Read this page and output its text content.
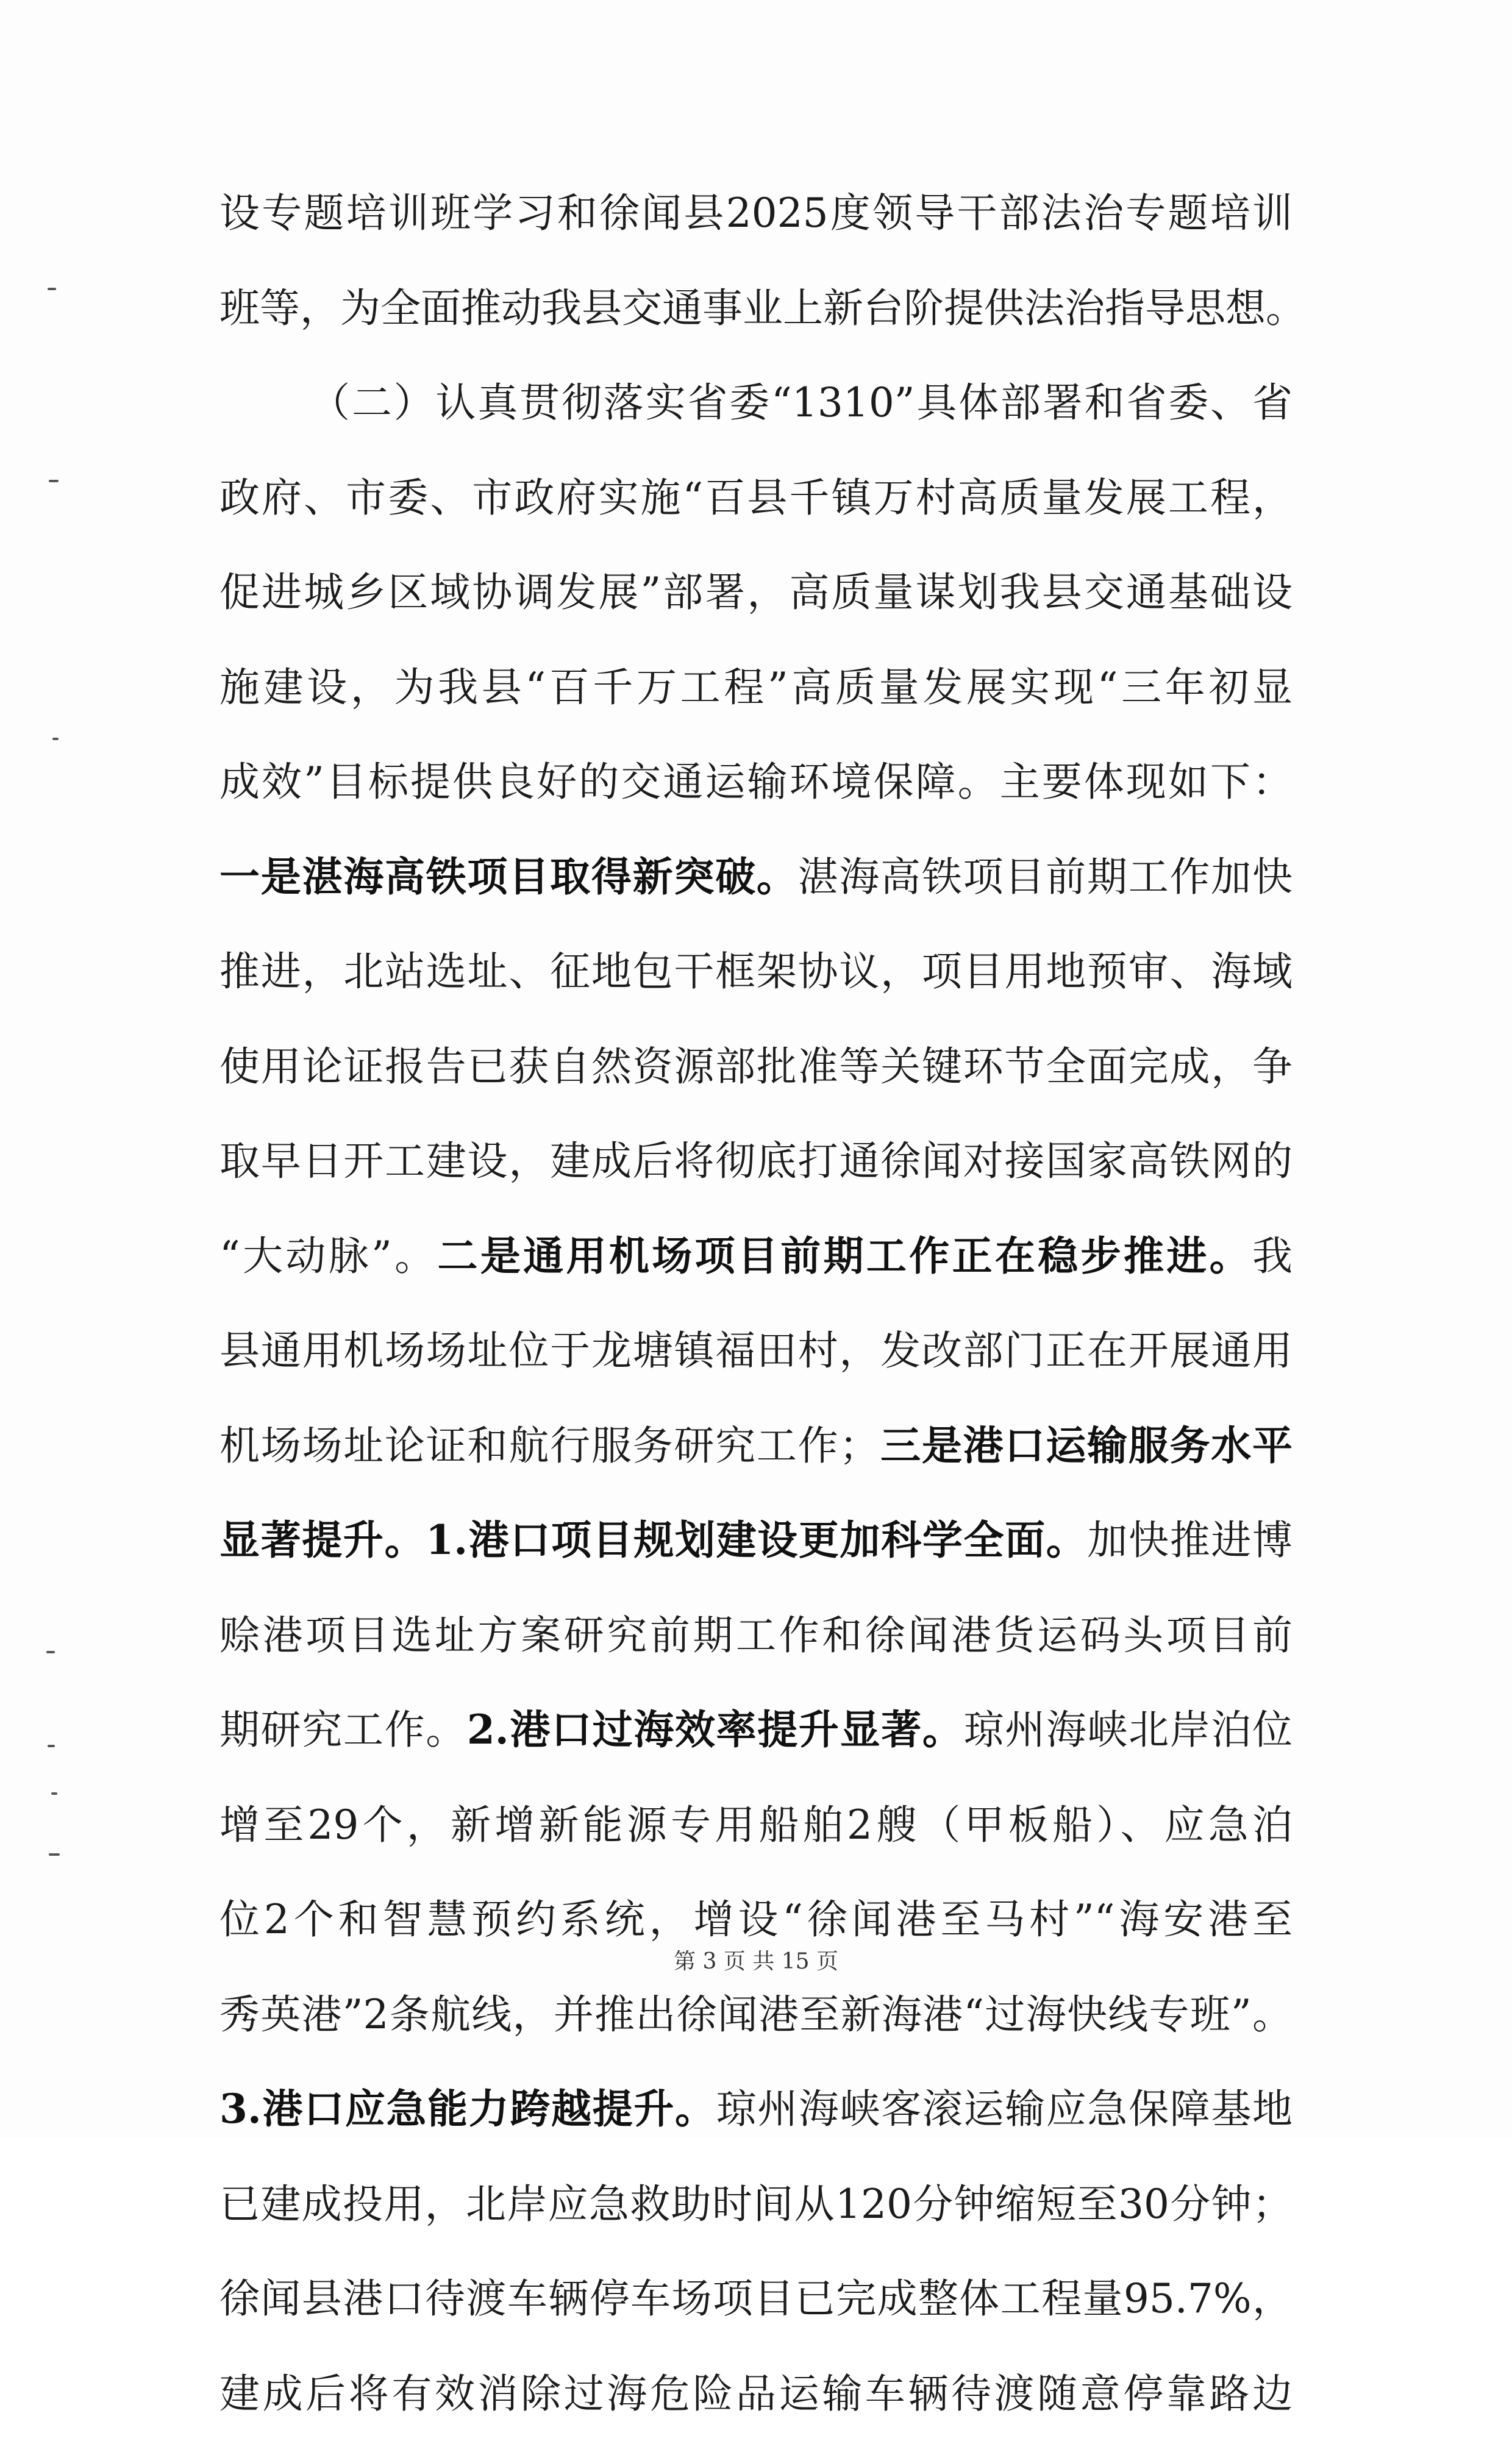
设专题培训班学习和徐闻县2025度领导干部法治专题培训
班等，为全面推动我县交通事业上新台阶提供法治指导思想。
（二）认真贯彻落实省委“1310”具体部署和省委、省
政府、市委、市政府实施“百县千镇万村高质量发展工程，
促进城乡区域协调发展”部署，高质量谋划我县交通基础设
施建设，为我县“百千万工程”高质量发展实现“三年初显
成效”目标提供良好的交通运输环境保障。主要体现如下：
一是湛海高铁项目取得新突破。湛海高铁项目前期工作加快
推进，北站选址、征地包干框架协议，项目用地预审、海域
使用论证报告已获自然资源部批准等关键环节全面完成，争
取早日开工建设，建成后将彻底打通徐闻对接国家高铁网的
“大动脉”。二是通用机场项目前期工作正在稳步推进。我
县通用机场场址位于龙塘镇福田村，发改部门正在开展通用
机场场址论证和航行服务研究工作；三是港口运输服务水平
显著提升。1.港口项目规划建设更加科学全面。加快推进博
赊港项目选址方案研究前期工作和徐闻港货运码头项目前
期研究工作。2.港口过海效率提升显著。琼州海峡北岸泊位
增至29个，新增新能源专用船舶2艘（甲板船）、应急泊
位2个和智慧预约系统，增设“徐闻港至马村”“海安港至
秀英港”2条航线，并推出徐闻港至新海港“过海快线专班”。
3.港口应急能力跨越提升。琼州海峡客滚运输应急保障基地
已建成投用，北岸应急救助时间从120分钟缩短至30分钟；
徐闻县港口待渡车辆停车场项目已完成整体工程量95.7%，
建成后将有效消除过海危险品运输车辆待渡随意停靠路边
第 3 页 共 15 页
